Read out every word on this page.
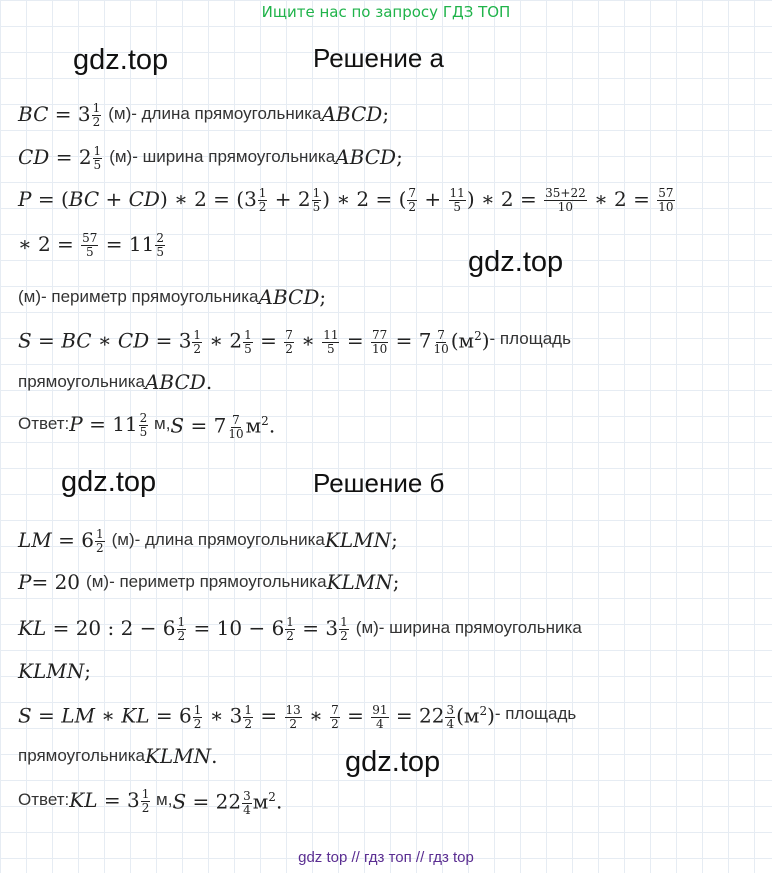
Ищите нас по запросу ГДЗ ТОП
gdz.top	Решение а
BC = $3 \frac{1}{2} (м)$ - длина прямоугольника ABCD ;
CD = $2 \frac{1}{5} (м)$ - ширина прямоугольника ABCD ;
P = (BC + CD) ∗ $2 = (3 \frac{1}{2} + 2 \frac{1}{5}$ ) ∗ 2 = ( $\frac{7}{2} + \frac{11}{5}$ ) ∗ $2 = \frac{35+22}{10}$ ∗ $2 = \frac{57}{10}$
∗ $2 = \frac{57}{5} = 11 \frac{2}{5}$
gdz.top
(м) - периметр прямоугольника ABCD ;
S = BC ∗ CD = $3 \frac{1}{2}$ ∗ $2 \frac{1}{5} = \frac{7}{2}$ ∗ $\frac{11}{5} = \frac{77}{10} = 7 \frac{7}{10} (м^2)$ - площадь
прямоугольника ABCD .
Ответ: $P = 11 \frac{2}{5} м$, $S = 7 \frac{7}{10} м^2$.
gdz.top	Решение б
LM = $6 \frac{1}{2} (м)$ - длина прямоугольника KLMN ;
P= 20 (м) - периметр прямоугольника KLMN ;
KL = 20 : $2 - 6 \frac{1}{2} = 10 - 6 \frac{1}{2} = 3 \frac{1}{2} (м)$ - ширина прямоугольника
KLMN;
S = LM ∗ KL = $6 \frac{1}{2}$ ∗ $3 \frac{1}{2} = \frac{13}{2}$ ∗ $\frac{7}{2} = \frac{91}{4} = 22 \frac{3}{4} (м^2)$ - площадь
прямоугольника KLMN .	gdz.top
Ответ: KL = $3 \frac{1}{2} м$, $S = 22 \frac{3}{4} м^2$.
gdz top // гдз топ // гдз top
